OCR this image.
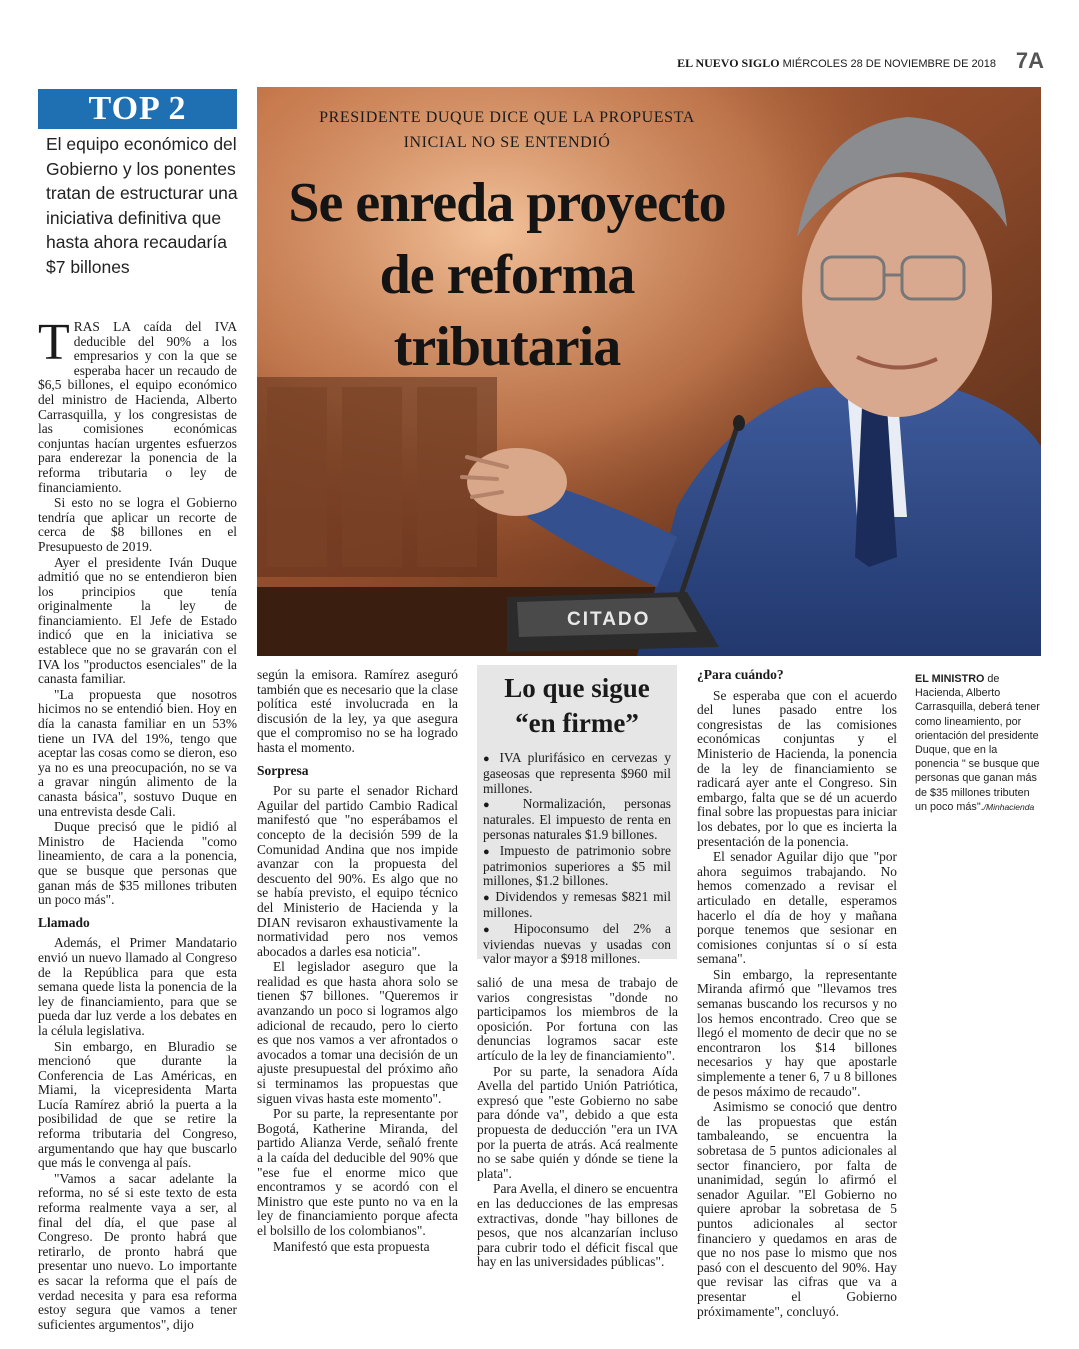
EL NUEVO SIGLO MIÉRCOLES 28 DE NOVIEMBRE DE 2018 7A
TOP 2
El equipo económico del Gobierno y los ponentes tratan de estructurar una iniciativa definitiva que hasta ahora recaudaría $7 billones
CITADO
PRESIDENTE DUQUE DICE QUE LA PROPUESTA INICIAL NO SE ENTENDIÓ
Se enreda proyecto de reforma tributaria

TRAS LA caída del IVA deducible del 90% a los empresarios y con la que se esperaba hacer un recaudo de $6,5 billones, el equipo económico del ministro de Hacienda, Alberto Carrasquilla, y los congresistas de las comisiones económicas conjuntas hacían urgentes esfuerzos para enderezar la ponencia de la reforma tributaria o ley de financiamiento.

Si esto no se logra el Gobierno tendría que aplicar un recorte de cerca de $8 billones en el Presupuesto de 2019.

Ayer el presidente Iván Duque admitió que no se entendieron bien los principios que tenía originalmente la ley de financiamiento. El Jefe de Estado indicó que en la iniciativa se establece que no se gravarán con el IVA los "productos esenciales" de la canasta familiar.

"La propuesta que nosotros hicimos no se entendió bien. Hoy en día la canasta familiar en un 53% tiene un IVA del 19%, tengo que aceptar las cosas como se dieron, eso ya no es una preocupación, no se va a gravar ningún alimento de la canasta básica", sostuvo Duque en una entrevista desde Cali.

Duque precisó que le pidió al Ministro de Hacienda "como lineamiento, de cara a la ponencia, que se busque que personas que ganan más de $35 millones tributen un poco más".

Llamado

Además, el Primer Mandatario envió un nuevo llamado al Congreso de la República para que esta semana quede lista la ponencia de la ley de financiamiento, para que se pueda dar luz verde a los debates en la célula legislativa.

Sin embargo, en Bluradio se mencionó que durante la Conferencia de Las Américas, en Miami, la vicepresidenta Marta Lucía Ramírez abrió la puerta a la posibilidad de que se retire la reforma tributaria del Congreso, argumentando que hay que buscarlo que más le convenga al país.

"Vamos a sacar adelante la reforma, no sé si este texto de esta reforma realmente vaya a ser, al final del día, el que pase al Congreso. De pronto habrá que retirarlo, de pronto habrá que presentar uno nuevo. Lo importante es sacar la reforma que el país de verdad necesita y para esa reforma estoy segura que vamos a tener suficientes argumentos", dijo

según la emisora. Ramírez aseguró también que es necesario que la clase política esté involucrada en la discusión de la ley, ya que asegura que el compromiso no se ha logrado hasta el momento.

Sorpresa

Por su parte el senador Richard Aguilar del partido Cambio Radical manifestó que "no esperábamos el concepto de la decisión 599 de la Comunidad Andina que nos impide avanzar con la propuesta del descuento del 90%. Es algo que no se había previsto, el equipo técnico del Ministerio de Hacienda y la DIAN revisaron exhaustivamente la normatividad pero nos vemos abocados a darles esa noticia".

El legislador aseguro que la realidad es que hasta ahora solo se tienen $7 billones. "Queremos ir avanzando un poco si logramos algo adicional de recaudo, pero lo cierto es que nos vamos a ver afrontados o avocados a tomar una decisión de un ajuste presupuestal del próximo año si terminamos las propuestas que siguen vivas hasta este momento".

Por su parte, la representante por Bogotá, Katherine Miranda, del partido Alianza Verde, señaló frente a la caída del deducible del 90% que "ese fue el enorme mico que encontramos y se acordó con el Ministro que este punto no va en la ley de financiamiento porque afecta el bolsillo de los colombianos".

Manifestó que esta propuesta

Lo que sigue “en firme”
● IVA plurifásico en cervezas y gaseosas que representa $960 mil millones.
● Normalización, personas naturales. El impuesto de renta en personas naturales $1.9 billones.
● Impuesto de patrimonio sobre patrimonios superiores a $5 mil millones, $1.2 billones.
● Dividendos y remesas $821 mil millones.
● Hipoconsumo del 2% a viviendas nuevas y usadas con valor mayor a $918 millones.

salió de una mesa de trabajo de varios congresistas "donde no participamos los miembros de la oposición. Por fortuna con las denuncias logramos sacar este artículo de la ley de financiamiento".

Por su parte, la senadora Aída Avella del partido Unión Patriótica, expresó que "este Gobierno no sabe para dónde va", debido a que esta propuesta de deducción "era un IVA por la puerta de atrás. Acá realmente no se sabe quién y dónde se tiene la plata".

Para Avella, el dinero se encuentra en las deducciones de las empresas extractivas, donde "hay billones de pesos, que nos alcanzarían incluso para cubrir todo el déficit fiscal que hay en las universidades públicas".

¿Para cuándo?

Se esperaba que con el acuerdo del lunes pasado entre los congresistas de las comisiones económicas conjuntas y el Ministerio de Hacienda, la ponencia de la ley de financiamiento se radicará ayer ante el Congreso. Sin embargo, falta que se dé un acuerdo final sobre las propuestas para iniciar los debates, por lo que es incierta la presentación de la ponencia.

El senador Aguilar dijo que "por ahora seguimos trabajando. No hemos comenzado a revisar el articulado en detalle, esperamos hacerlo el día de hoy y mañana porque tenemos que sesionar en comisiones conjuntas sí o sí esta semana".

Sin embargo, la representante Miranda afirmó que "llevamos tres semanas buscando los recursos y no los hemos encontrado. Creo que se llegó el momento de decir que no se encontraron los $14 billones necesarios y hay que apostarle simplemente a tener 6, 7 u 8 billones de pesos máximo de recaudo".

Asimismo se conoció que dentro de las propuestas que están tambaleando, se encuentra la sobretasa de 5 puntos adicionales al sector financiero, por falta de unanimidad, según lo afirmó el senador Aguilar. "El Gobierno no quiere aprobar la sobretasa de 5 puntos adicionales al sector financiero y quedamos en aras de que no nos pase lo mismo que nos pasó con el descuento del 90%. Hay que revisar las cifras que va a presentar el Gobierno próximamente", concluyó.

EL MINISTRO de Hacienda, Alberto Carrasquilla, deberá tener como lineamiento, por orientación del presidente Duque, que en la ponencia " se busque que personas que ganan más de $35 millones tributen un poco más"./Minhacienda
